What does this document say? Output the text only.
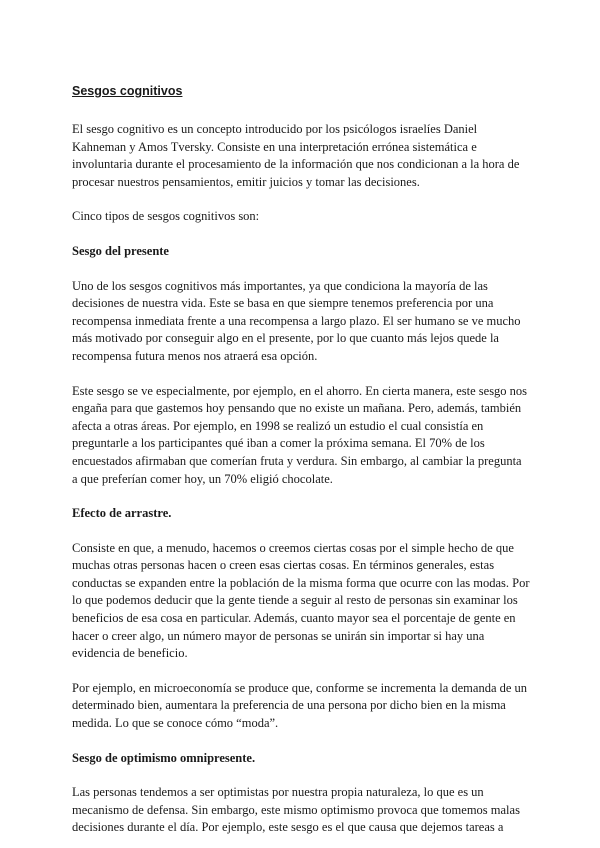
Sesgos cognitivos

El sesgo cognitivo es un concepto introducido por los psicólogos israelíes Daniel Kahneman y Amos Tversky. Consiste en una interpretación errónea sistemática e involuntaria durante el procesamiento de la información que nos condicionan a la hora de procesar nuestros pensamientos, emitir juicios y tomar las decisiones.

Cinco tipos de sesgos cognitivos son:

Sesgo del presente

Uno de los sesgos cognitivos más importantes, ya que condiciona la mayoría de las decisiones de nuestra vida. Este se basa en que siempre tenemos preferencia por una recompensa inmediata frente a una recompensa a largo plazo. El ser humano se ve mucho más motivado por conseguir algo en el presente, por lo que cuanto más lejos quede la recompensa futura menos nos atraerá esa opción.

Este sesgo se ve especialmente, por ejemplo, en el ahorro. En cierta manera, este sesgo nos engaña para que gastemos hoy pensando que no existe un mañana. Pero, además, también afecta a otras áreas. Por ejemplo, en 1998 se realizó un estudio el cual consistía en preguntarle a los participantes qué iban a comer la próxima semana. El 70% de los encuestados afirmaban que comerían fruta y verdura. Sin embargo, al cambiar la pregunta a que preferían comer hoy, un 70% eligió chocolate.

Efecto de arrastre.

Consiste en que, a menudo, hacemos o creemos ciertas cosas por el simple hecho de que muchas otras personas hacen o creen esas ciertas cosas. En términos generales, estas conductas se expanden entre la población de la misma forma que ocurre con las modas. Por lo que podemos deducir que la gente tiende a seguir al resto de personas sin examinar los beneficios de esa cosa en particular. Además, cuanto mayor sea el porcentaje de gente en hacer o creer algo, un número mayor de personas se unirán sin importar si hay una evidencia de beneficio.

Por ejemplo, en microeconomía se produce que, conforme se incrementa la demanda de un determinado bien, aumentara la preferencia de una persona por dicho bien en la misma medida. Lo que se conoce cómo “moda”.

Sesgo de optimismo omnipresente.

Las personas tendemos a ser optimistas por nuestra propia naturaleza, lo que es un mecanismo de defensa. Sin embargo, este mismo optimismo provoca que tomemos malas decisiones durante el día. Por ejemplo, este sesgo es el que causa que dejemos tareas a
